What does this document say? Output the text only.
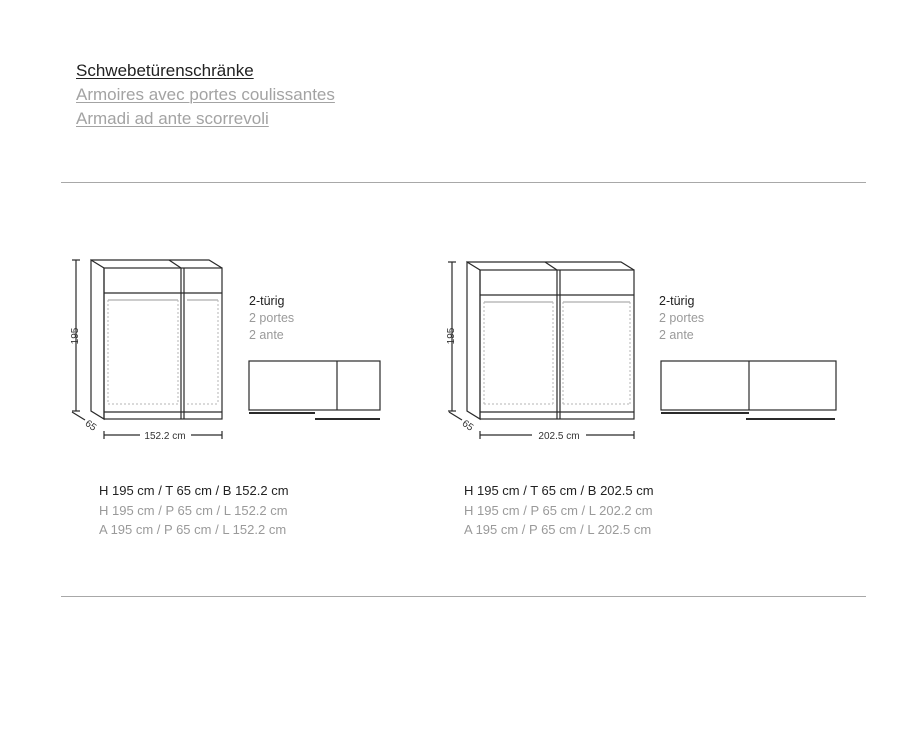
Schwebetürenschränke
Armoires avec portes coulissantes
Armadi ad ante scorrevoli
195
65
152.2 cm
195
65
202.5 cm
2-türig
2 portes
2 ante
2-türig
2 portes
2 ante
H 195 cm / T 65 cm / B 152.2 cm
H 195 cm / P 65 cm / L 152.2 cm
A 195 cm / P 65 cm / L 152.2 cm
H 195 cm / T 65 cm / B 202.5 cm
H 195 cm / P 65 cm / L 202.2 cm
A 195 cm / P 65 cm / L 202.5 cm
